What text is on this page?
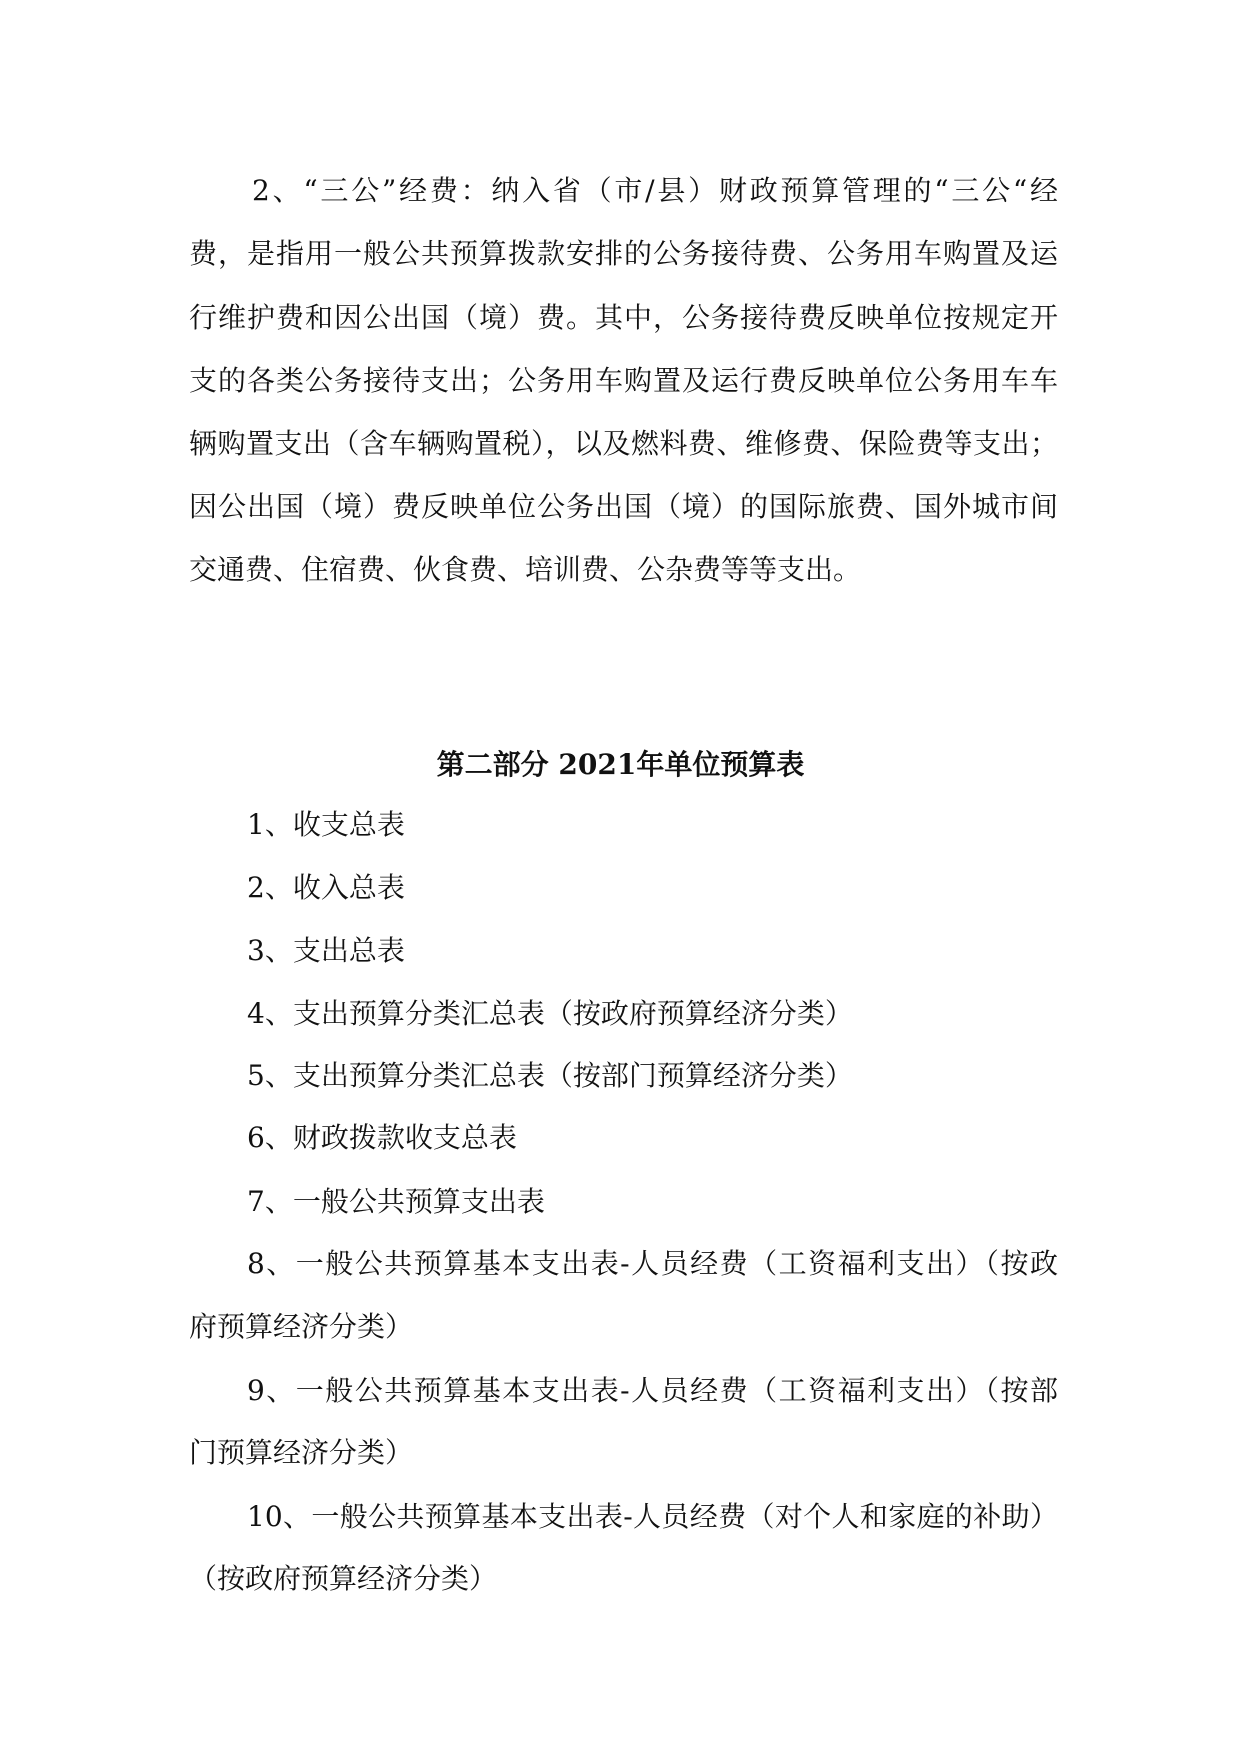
2、“三公”经费：纳入省（市/县）财政预算管理的“三公“经
费，是指用一般公共预算拨款安排的公务接待费、公务用车购置及运
行维护费和因公出国（境）费。其中，公务接待费反映单位按规定开
支的各类公务接待支出；公务用车购置及运行费反映单位公务用车车
辆购置支出（含车辆购置税），以及燃料费、维修费、保险费等支出；
因公出国（境）费反映单位公务出国（境）的国际旅费、国外城市间
交通费、住宿费、伙食费、培训费、公杂费等等支出。
第二部分 2021年单位预算表
1、收支总表
2、收入总表
3、支出总表
4、支出预算分类汇总表（按政府预算经济分类）
5、支出预算分类汇总表（按部门预算经济分类）
6、财政拨款收支总表
7、一般公共预算支出表
8、一般公共预算基本支出表-人员经费（工资福利支出）（按政
府预算经济分类）
9、一般公共预算基本支出表-人员经费（工资福利支出）（按部
门预算经济分类）
10、一般公共预算基本支出表-人员经费（对个人和家庭的补助）
（按政府预算经济分类）
